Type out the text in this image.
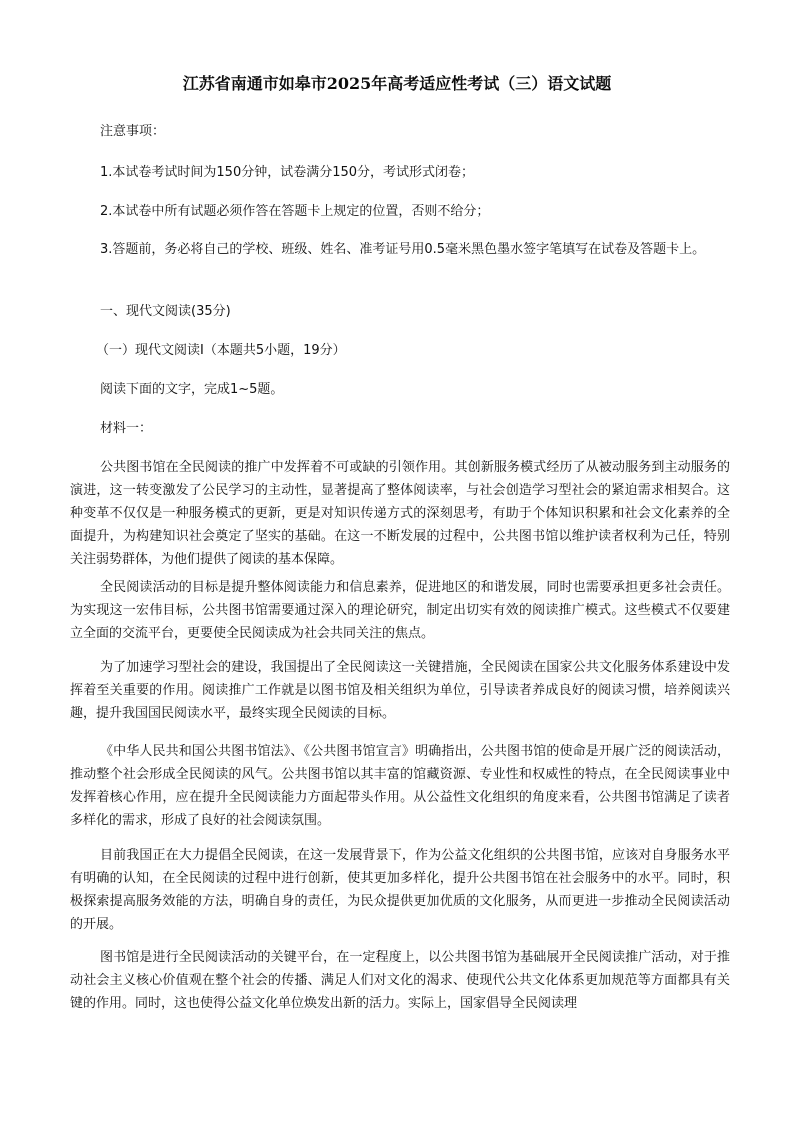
江苏省南通市如皋市2025年高考适应性考试（三）语文试题
注意事项：
1.本试卷考试时间为150分钟，试卷满分150分，考试形式闭卷；
2.本试卷中所有试题必须作答在答题卡上规定的位置，否则不给分；

3.答题前，务必将自己的学校、班级、姓名、准考证号用0.5毫米黑色墨水签字笔填写在试卷及答题卡上。

一、现代文阅读(35分)
（一）现代文阅读Ⅰ（本题共5小题，19分）
阅读下面的文字，完成1~5题。
材料一：

公共图书馆在全民阅读的推广中发挥着不可或缺的引领作用。其创新服务模式经历了从被动服务到主动服务的演进，这一转变激发了公民学习的主动性，显著提高了整体阅读率，与社会创造学习型社会的紧迫需求相契合。这种变革不仅仅是一种服务模式的更新，更是对知识传递方式的深刻思考，有助于个体知识积累和社会文化素养的全面提升，为构建知识社会奠定了坚实的基础。在这一不断发展的过程中，公共图书馆以维护读者权利为己任，特别关注弱势群体，为他们提供了阅读的基本保障。

全民阅读活动的目标是提升整体阅读能力和信息素养，促进地区的和谐发展，同时也需要承担更多社会责任。为实现这一宏伟目标，公共图书馆需要通过深入的理论研究，制定出切实有效的阅读推广模式。这些模式不仅要建立全面的交流平台，更要使全民阅读成为社会共同关注的焦点。

为了加速学习型社会的建设，我国提出了全民阅读这一关键措施，全民阅读在国家公共文化服务体系建设中发挥着至关重要的作用。阅读推广工作就是以图书馆及相关组织为单位，引导读者养成良好的阅读习惯，培养阅读兴趣，提升我国国民阅读水平，最终实现全民阅读的目标。

《中华人民共和国公共图书馆法》、《公共图书馆宣言》明确指出，公共图书馆的使命是开展广泛的阅读活动，推动整个社会形成全民阅读的风气。公共图书馆以其丰富的馆藏资源、专业性和权威性的特点，在全民阅读事业中发挥着核心作用，应在提升全民阅读能力方面起带头作用。从公益性文化组织的角度来看，公共图书馆满足了读者多样化的需求，形成了良好的社会阅读氛围。

目前我国正在大力提倡全民阅读，在这一发展背景下，作为公益文化组织的公共图书馆，应该对自身服务水平有明确的认知，在全民阅读的过程中进行创新，使其更加多样化，提升公共图书馆在社会服务中的水平。同时，积极探索提高服务效能的方法，明确自身的责任，为民众提供更加优质的文化服务，从而更进一步推动全民阅读活动的开展。

图书馆是进行全民阅读活动的关键平台，在一定程度上，以公共图书馆为基础展开全民阅读推广活动，对于推动社会主义核心价值观在整个社会的传播、满足人们对文化的渴求、使现代公共文化体系更加规范等方面都具有关键的作用。同时，这也使得公益文化单位焕发出新的活力。实际上，国家倡导全民阅读理
